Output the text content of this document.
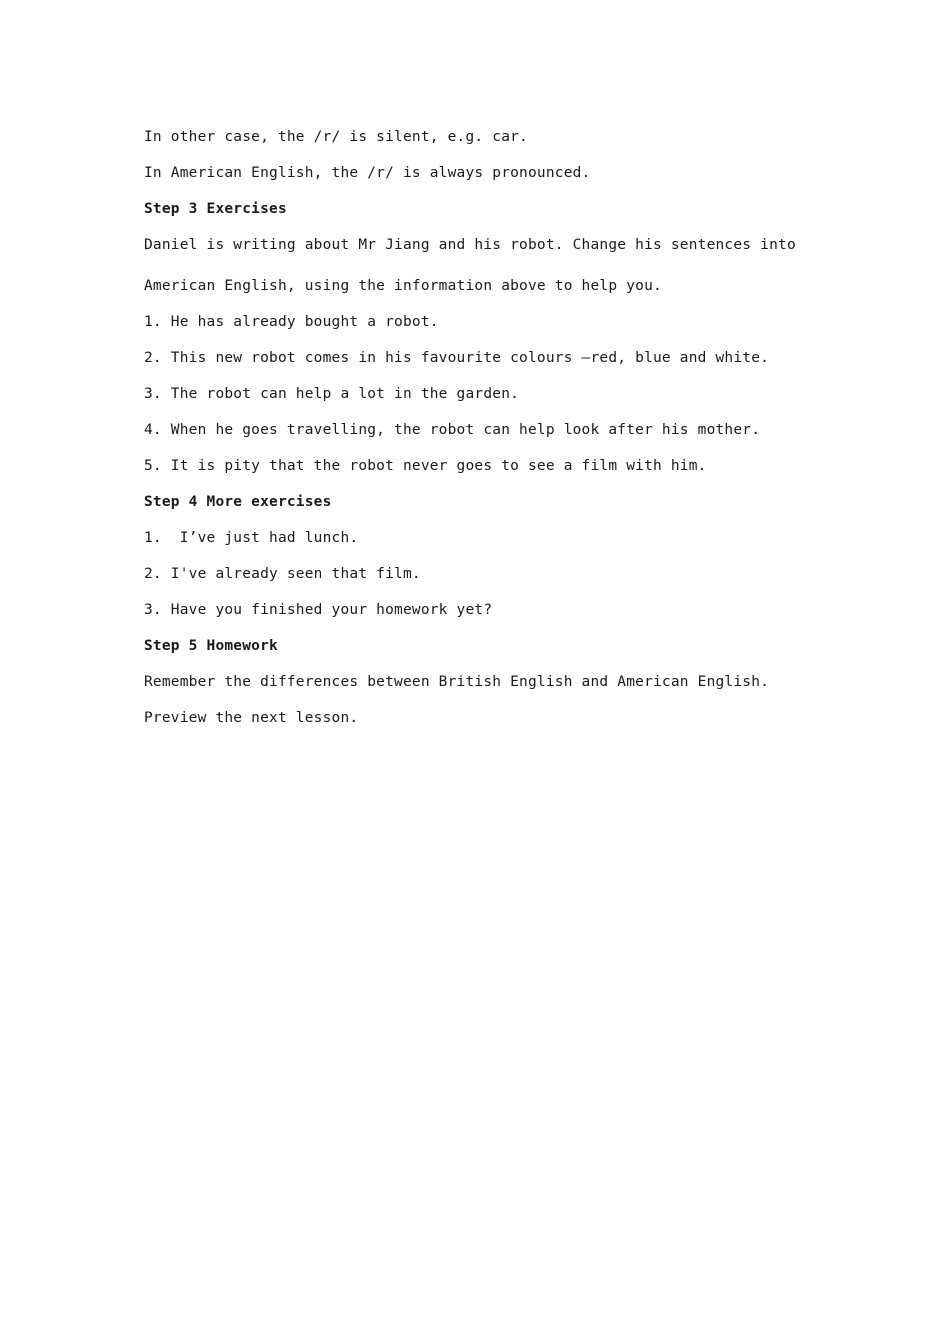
In other case, the /r/ is silent, e.g. car.
In American English, the /r/ is always pronounced.
Step 3 Exercises
Daniel is writing about Mr Jiang and his robot. Change his sentences into
American English, using the information above to help you.
1. He has already bought a robot.
2. This new robot comes in his favourite colours –red, blue and white.
3. The robot can help a lot in the garden.
4. When he goes travelling, the robot can help look after his mother.
5. It is pity that the robot never goes to see a film with him.
Step 4 More exercises
1.  I’ve just had lunch.
2. I've already seen that film.
3. Have you finished your homework yet?
Step 5 Homework
Remember the differences between British English and American English.
Preview the next lesson.
